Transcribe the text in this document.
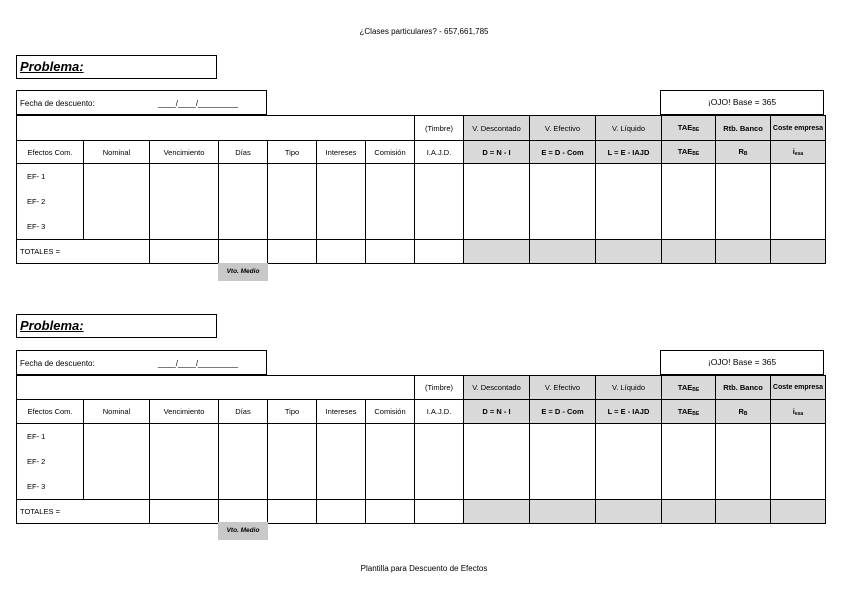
¿Clases particulares? - 657,661,785
Problema:
Fecha de descuento:	____/____/_________	¡OJO! Base = 365
							(Timbre)	V. Descontado	V. Efectivo	V. Líquido	$TAE_{BE}$	Rtb. Banco	Coste empresa
Efectos Com.	Nominal	Vencimiento	Días	Tipo	Intereses	Comisión	I.A.J.D.	D = N - I	E = D - Com	L = E - IAJD	$TAE_{BE}$	$R_B$	$i_{esa}$

EF- 1
EF- 2
EF- 3													

TOTALES =													
Vto. Medio
Problema:
Fecha de descuento:	____/____/_________	¡OJO! Base = 365
							(Timbre)	V. Descontado	V. Efectivo	V. Líquido	$TAE_{BE}$	Rtb. Banco	Coste empresa
Efectos Com.	Nominal	Vencimiento	Días	Tipo	Intereses	Comisión	I.A.J.D.	D = N - I	E = D - Com	L = E - IAJD	$TAE_{BE}$	$R_B$	$i_{esa}$

EF- 1
EF- 2
EF- 3													

TOTALES =													
Vto. Medio
Plantilla para Descuento de Efectos
